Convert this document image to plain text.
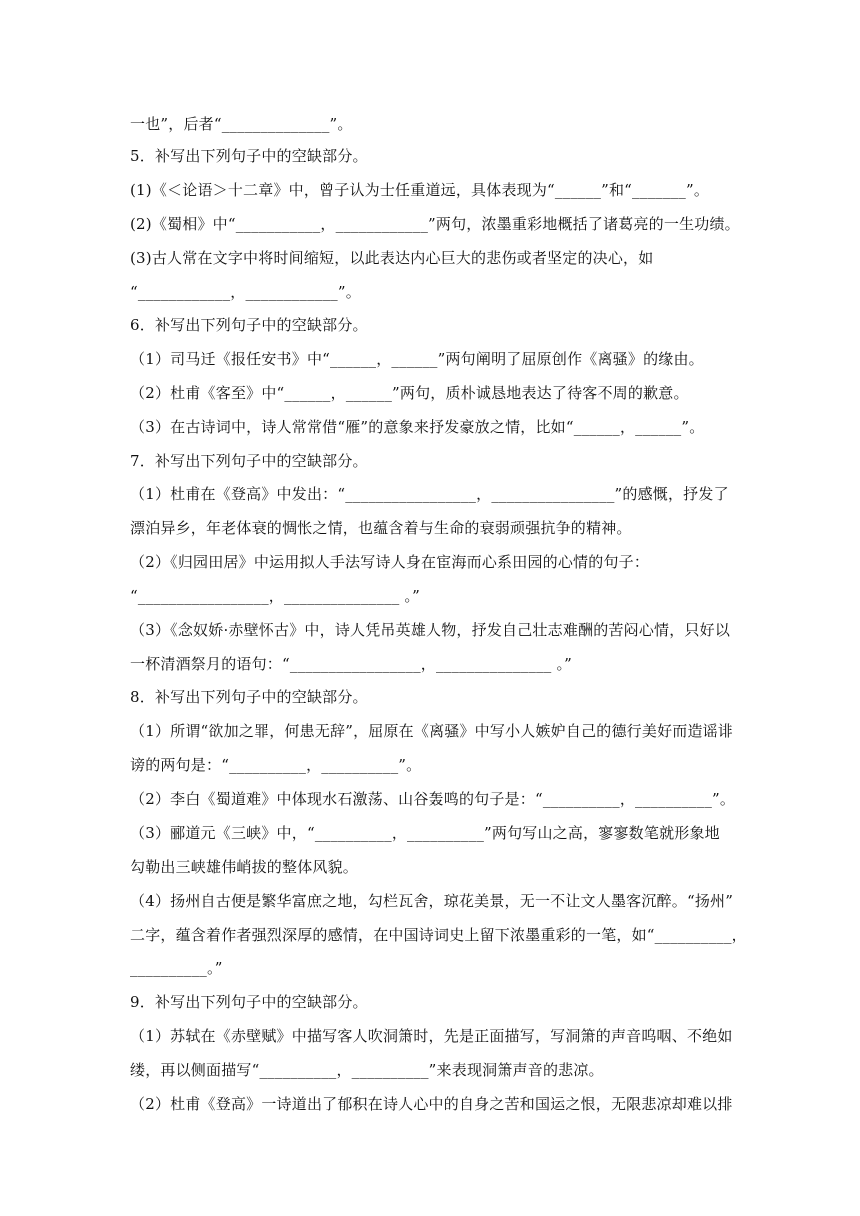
一也”，后者“______________”。
5．补写出下列句子中的空缺部分。
(1)《＜论语＞十二章》中，曾子认为士任重道远，具体表现为“______”和“_______”。
(2)《蜀相》中“___________，____________”两句，浓墨重彩地概括了诸葛亮的一生功绩。
(3)古人常在文字中将时间缩短，以此表达内心巨大的悲伤或者坚定的决心，如
“____________，____________”。
6．补写出下列句子中的空缺部分。
（1）司马迁《报任安书》中“______，______”两句阐明了屈原创作《离骚》的缘由。
（2）杜甫《客至》中“______，______”两句，质朴诚恳地表达了待客不周的歉意。
（3）在古诗词中，诗人常常借“雁”的意象来抒发豪放之情，比如“______，______”。
7．补写出下列句子中的空缺部分。
（1）杜甫在《登高》中发出：“_________________，________________”的感慨，抒发了
漂泊异乡，年老体衰的惆怅之情，也蕴含着与生命的衰弱顽强抗争的精神。
（2）《归园田居》中运用拟人手法写诗人身在宦海而心系田园的心情的句子：
“_________________，_______________ 。”
（3）《念奴娇·赤壁怀古》中，诗人凭吊英雄人物，抒发自己壮志难酬的苦闷心情，只好以
一杯清酒祭月的语句：“_________________，_______________ 。”
8．补写出下列句子中的空缺部分。
（1）所谓“欲加之罪，何患无辞”，屈原在《离骚》中写小人嫉妒自己的德行美好而造谣诽
谤的两句是：“__________，__________”。
（2）李白《蜀道难》中体现水石激荡、山谷轰鸣的句子是：“__________，__________”。
（3）郦道元《三峡》中，“__________，__________”两句写山之高，寥寥数笔就形象地
勾勒出三峡雄伟峭拔的整体风貌。
（4）扬州自古便是繁华富庶之地，勾栏瓦舍，琼花美景，无一不让文人墨客沉醉。“扬州”
二字，蕴含着作者强烈深厚的感情，在中国诗词史上留下浓墨重彩的一笔，如“__________，
__________。”
9．补写出下列句子中的空缺部分。
（1）苏轼在《赤壁赋》中描写客人吹洞箫时，先是正面描写，写洞箫的声音呜咽、不绝如
缕，再以侧面描写“__________，__________”来表现洞箫声音的悲凉。
（2）杜甫《登高》一诗道出了郁积在诗人心中的自身之苦和国运之恨，无限悲凉却难以排
